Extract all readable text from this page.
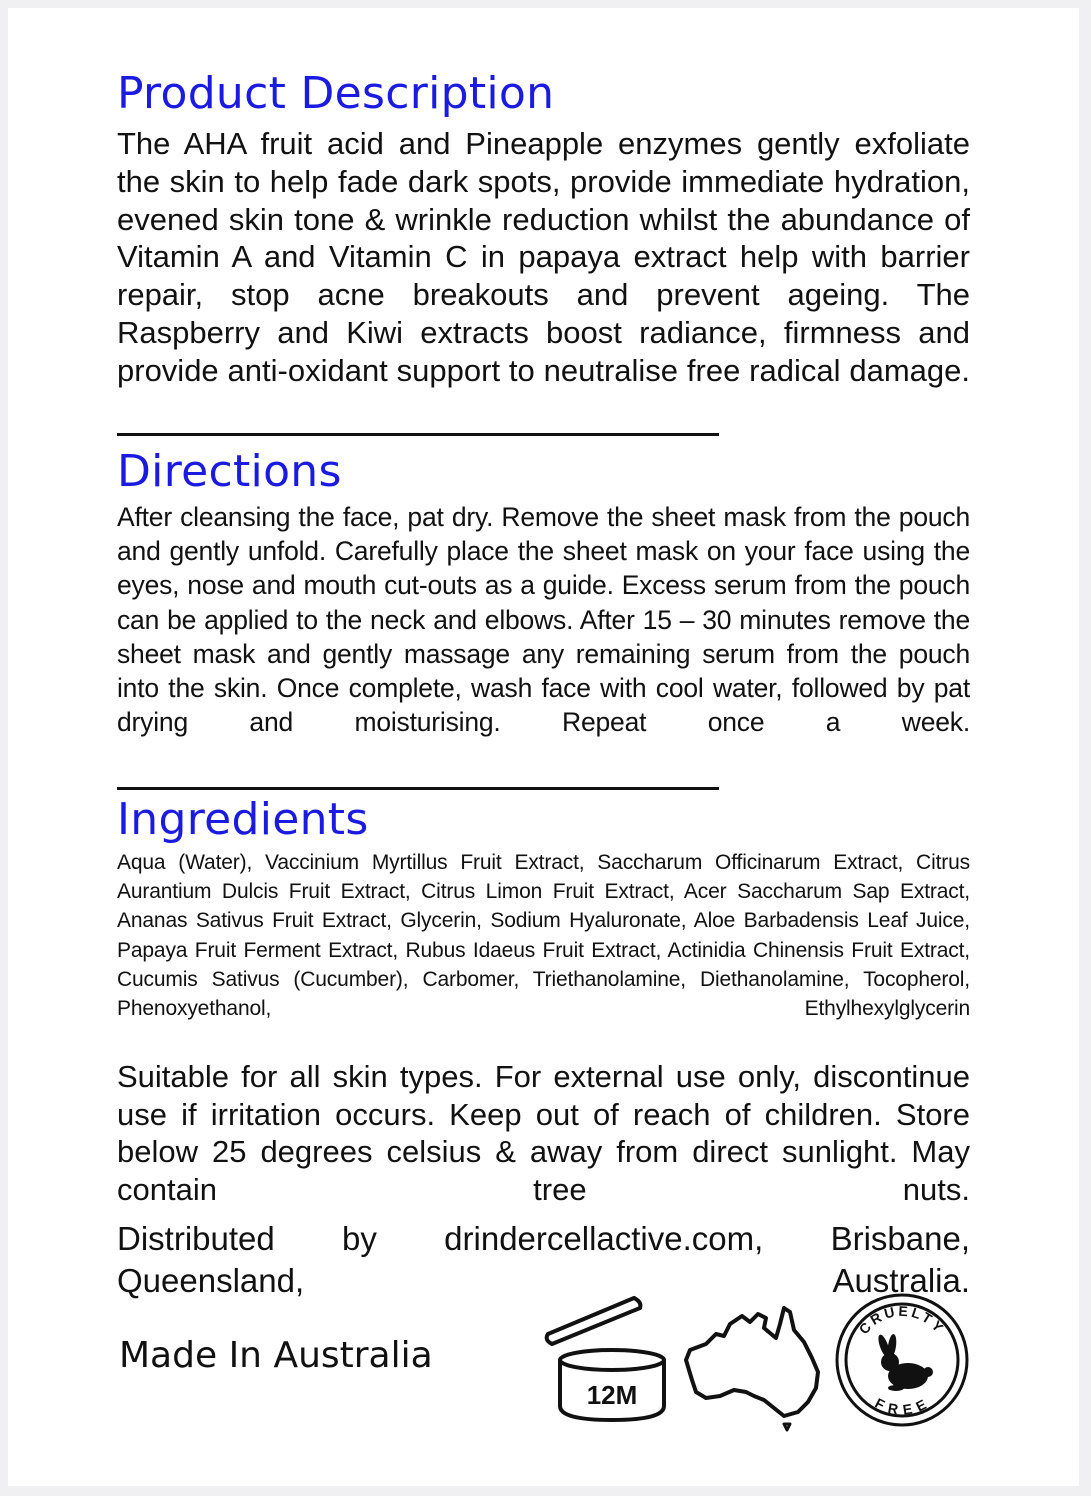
Product Description

The AHA fruit acid and Pineapple enzymes gently exfoliate the skin to help fade dark spots, provide immediate hydration, evened skin tone & wrinkle reduction whilst the abundance of Vitamin A and Vitamin C in papaya extract help with barrier repair, stop acne breakouts and prevent ageing. The Raspberry and Kiwi extracts boost radiance, firmness and provide anti-oxidant support to neutralise free radical damage.

Directions

After cleansing the face, pat dry. Remove the sheet mask from the pouch and gently unfold. Carefully place the sheet mask on your face using the eyes, nose and mouth cut-outs as a guide. Excess serum from the pouch can be applied to the neck and elbows. After 15 – 30 minutes remove the sheet mask and gently massage any remaining serum from the pouch into the skin. Once complete, wash face with cool water, followed by pat drying and moisturising. Repeat once a week.

Ingredients

Aqua (Water), Vaccinium Myrtillus Fruit Extract, Saccharum Officinarum Extract, Citrus Aurantium Dulcis Fruit Extract, Citrus Limon Fruit Extract, Acer Saccharum Sap Extract, Ananas Sativus Fruit Extract, Glycerin, Sodium Hyaluronate, Aloe Barbadensis Leaf Juice, Papaya Fruit Ferment Extract, Rubus Idaeus Fruit Extract, Actinidia Chinensis Fruit Extract, Cucumis Sativus (Cucumber), Carbomer, Triethanolamine, Diethanolamine, Tocopherol, Phenoxyethanol, Ethylhexylglycerin

Suitable for all skin types. For external use only, discontinue use if irritation occurs. Keep out of reach of children. Store below 25 degrees celsius & away from direct sunlight. May contain tree nuts.

Distributed by drindercellactive.com, Brisbane, Queensland, Australia.

Made In Australia

12M
CRUELTY
FREE
